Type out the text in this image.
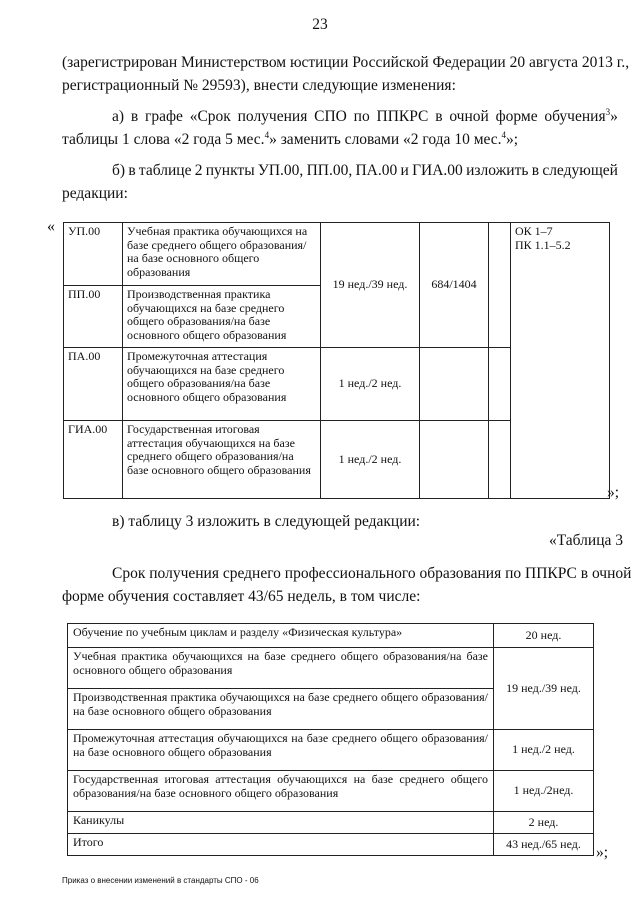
23
(зарегистрирован Министерством юстиции Российской Федерации 20 августа 2013 г.,
регистрационный № 29593), внести следующие изменения:
а) в графе «Срок получения СПО по ППКРС в очной форме обучения$^3$»
таблицы 1 слова «2 года 5 мес.$^4$» заменить словами «2 года 10 мес.$^4$»;
б) в таблице 2 пункты УП.00, ПП.00, ПА.00 и ГИА.00 изложить в следующей
редакции:
« УП.00	Учебная практика обучающихся на базе среднего общего образования/на базе основного общего образования	19 нед./39 нед.	684/1404		ОК 1–7
ПК 1.1–5.2

ПП.00	Производственная практика обучающихся на базе среднего общего образования/на базе основного общего образования				
ПА.00	Промежуточная аттестация обучающихся на базе среднего общего образования/на базе основного общего образования	1 нед./2 нед.			
ГИА.00	Государственная итоговая аттестация обучающихся на базе среднего общего образования/на базе основного общего образования	1 нед./2 нед.			
»;
в) таблицу 3 изложить в следующей редакции:
«Таблица 3
Срок получения среднего профессионального образования по ППКРС в очной
форме обучения составляет 43/65 недель, в том числе:
Обучение по учебным циклам и разделу «Физическая культура»	20 нед.
Учебная практика обучающихся на базе среднего общего образования/на базе основного общего образования	19 нед./39 нед.
Производственная практика обучающихся на базе среднего общего образования/на базе основного общего образования	
Промежуточная аттестация обучающихся на базе среднего общего образования/на базе основного общего образования	1 нед./2 нед.
Государственная итоговая аттестация обучающихся на базе среднего общего образования/на базе основного общего образования	1 нед./2нед.
Каникулы	2 нед.
Итого	43 нед./65 нед.
»;
Приказ о внесении изменений в стандарты СПО - 06
